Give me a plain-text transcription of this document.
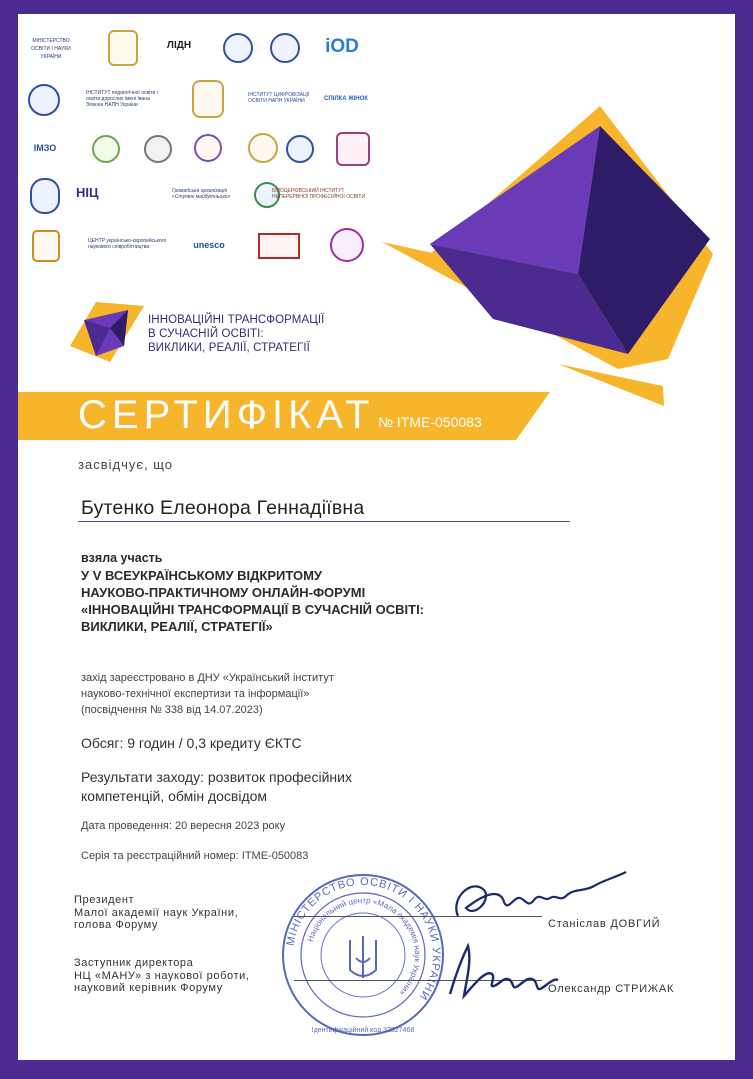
МІНІСТЕРСТВО ОСВІТИ І НАУКИ УКРАЇНИ
ЛІДН	iOD
ІНСТИТУТ педагогічної освіти і освіти дорослих імені Івана Зязюна НАПН України
ІНСТИТУТ ЦИФРОВІЗАЦІЇ ОСВІТИ НАПН УКРАЇНИ	СПІЛКА ЖІНОК
ІМЗО
НІЦ	Громадська організація «Ступені майбутнього»
БІЛОЦЕРКІВСЬКИЙ ІНСТИТУТ НЕПЕРЕРВНОЇ ПРОФЕСІЙНОЇ ОСВІТИ
ЦЕНТР українсько-європейського наукового співробітництва	unesco
ІННОВАЦІЙНІ ТРАНСФОРМАЦІЇ
В СУЧАСНІЙ ОСВІТІ:
ВИКЛИКИ, РЕАЛІЇ, СТРАТЕГІЇ
СЕРТИФІКАТ № ITME-050083
засвідчує, що
Бутенко Елеонора Геннадіївна
взяла участь
У V ВСЕУКРАЇНСЬКОМУ ВІДКРИТОМУ
НАУКОВО-ПРАКТИЧНОМУ ОНЛАЙН-ФОРУМІ
«ІННОВАЦІЙНІ ТРАНСФОРМАЦІЇ В СУЧАСНІЙ ОСВІТІ:
ВИКЛИКИ, РЕАЛІЇ, СТРАТЕГІЇ»
захід зареєстровано в ДНУ «Український інститут
науково-технічної експертизи та інформації»
(посвідчення № 338 від 14.07.2023)
Обсяг: 9 годин / 0,3 кредиту ЄКТС
Результати заходу: розвиток професійних
компетенцій, обмін досвідом
Дата проведення: 20 вересня 2023 року
Серія та реєстраційний номер: ITME-050083
Президент
Малої академії наук України,
голова Форуму	Станіслав ДОВГИЙ
Заступник директора
НЦ «МАНУ» з наукової роботи,
науковий керівник Форуму	Олександр СТРИЖАК
МІНІСТЕРСТВО ОСВІТИ І НАУКИ УКРАЇНИ
Національний центр «Мала академія наук України»
Ідентифікаційний код 32827468
